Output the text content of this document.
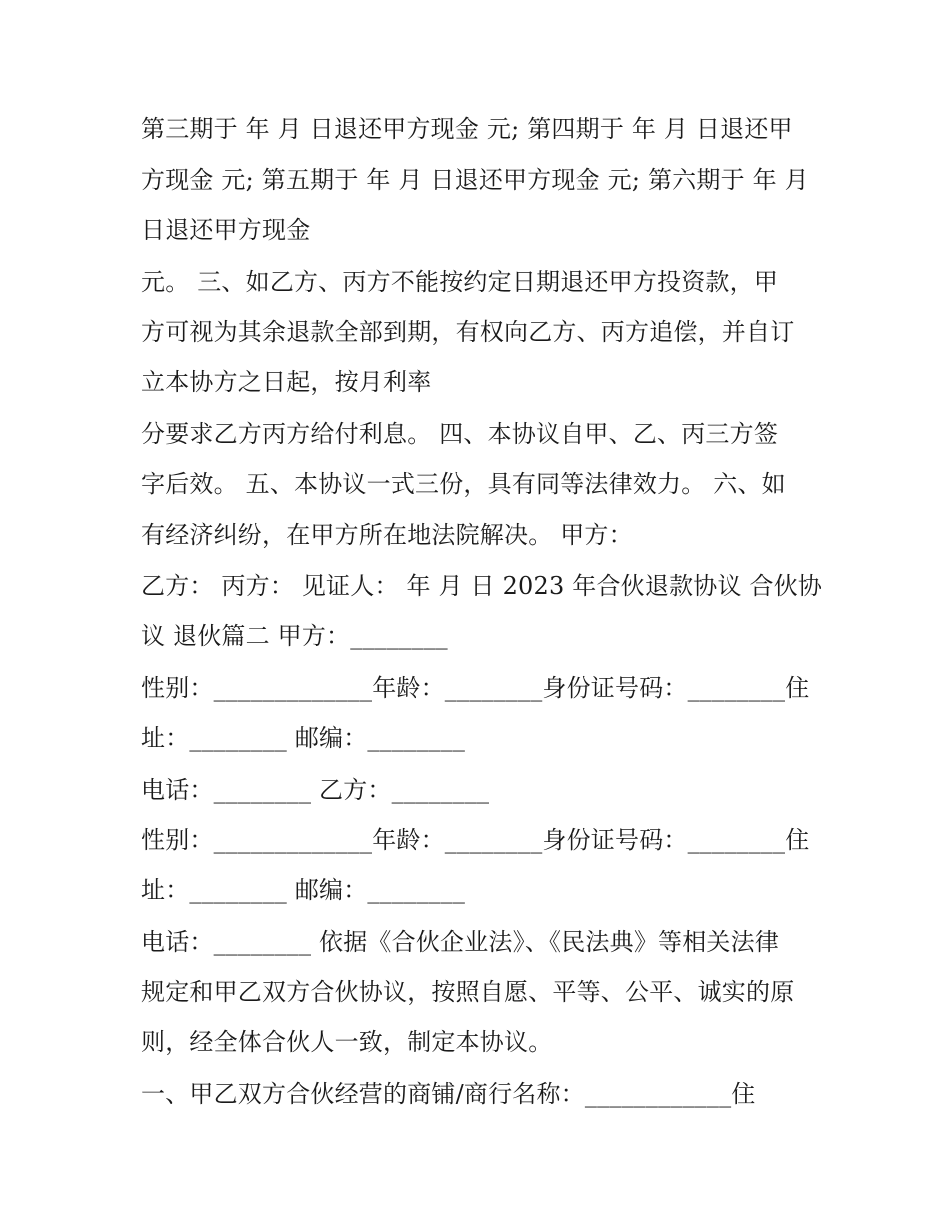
第三期于 年 月 日退还甲方现金 元; 第四期于 年 月 日退还甲
方现金 元; 第五期于 年 月 日退还甲方现金 元; 第六期于 年 月
日退还甲方现金
元。 三、如乙方、丙方不能按约定日期退还甲方投资款，甲
方可视为其余退款全部到期，有权向乙方、丙方追偿，并自订
立本协方之日起，按月利率
分要求乙方丙方给付利息。 四、本协议自甲、乙、丙三方签
字后效。 五、本协议一式三份，具有同等法律效力。 六、如
有经济纠纷，在甲方所在地法院解决。 甲方：
乙方： 丙方： 见证人： 年 月 日 2023 年合伙退款协议 合伙协
议 退伙篇二 甲方：________
性别：_____________年龄：________身份证号码：________住
址：________ 邮编：________
电话：________ 乙方：________
性别：_____________年龄：________身份证号码：________住
址：________ 邮编：________
电话：________ 依据《合伙企业法》、《民法典》等相关法律
规定和甲乙双方合伙协议，按照自愿、平等、公平、诚实的原
则，经全体合伙人一致，制定本协议。
一、甲乙双方合伙经营的商铺/商行名称：____________住
